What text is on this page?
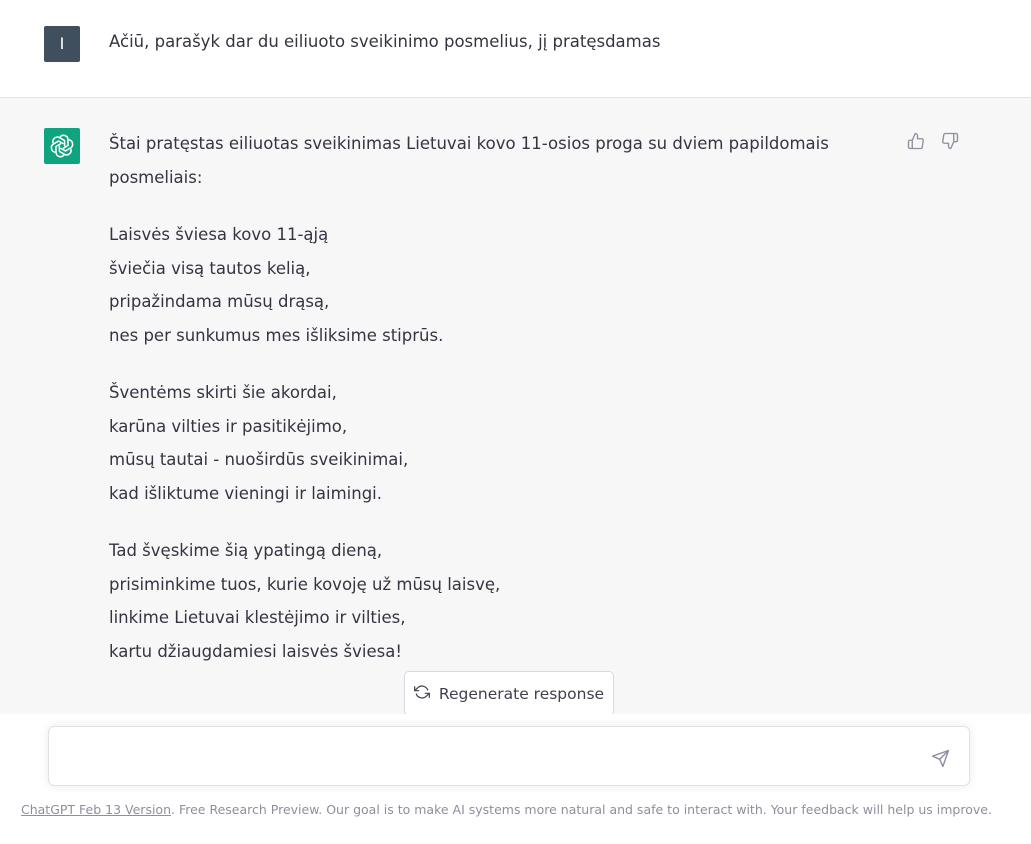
I	Ačiū, parašyk dar du eiliuoto sveikinimo posmelius, jį pratęsdamas

Štai pratęstas eiliuotas sveikinimas Lietuvai kovo 11-osios proga su dviem papildomais posmeliais:

Laisvės šviesa kovo 11-ąją
šviečia visą tautos kelią,
pripažindama mūsų drąsą,
nes per sunkumus mes išliksime stiprūs.
Šventėms skirti šie akordai,
karūna vilties ir pasitikėjimo,
mūsų tautai - nuoširdūs sveikinimai,
kad išliktume vieningi ir laimingi.
Tad švęskime šią ypatingą dieną,
prisiminkime tuos, kurie kovoję už mūsų laisvę,
linkime Lietuvai klestėjimo ir vilties,
kartu džiaugdamiesi laisvės šviesa!
Regenerate response
ChatGPT Feb 13 Version. Free Research Preview. Our goal is to make AI systems more natural and safe to interact with. Your feedback will help us improve.
